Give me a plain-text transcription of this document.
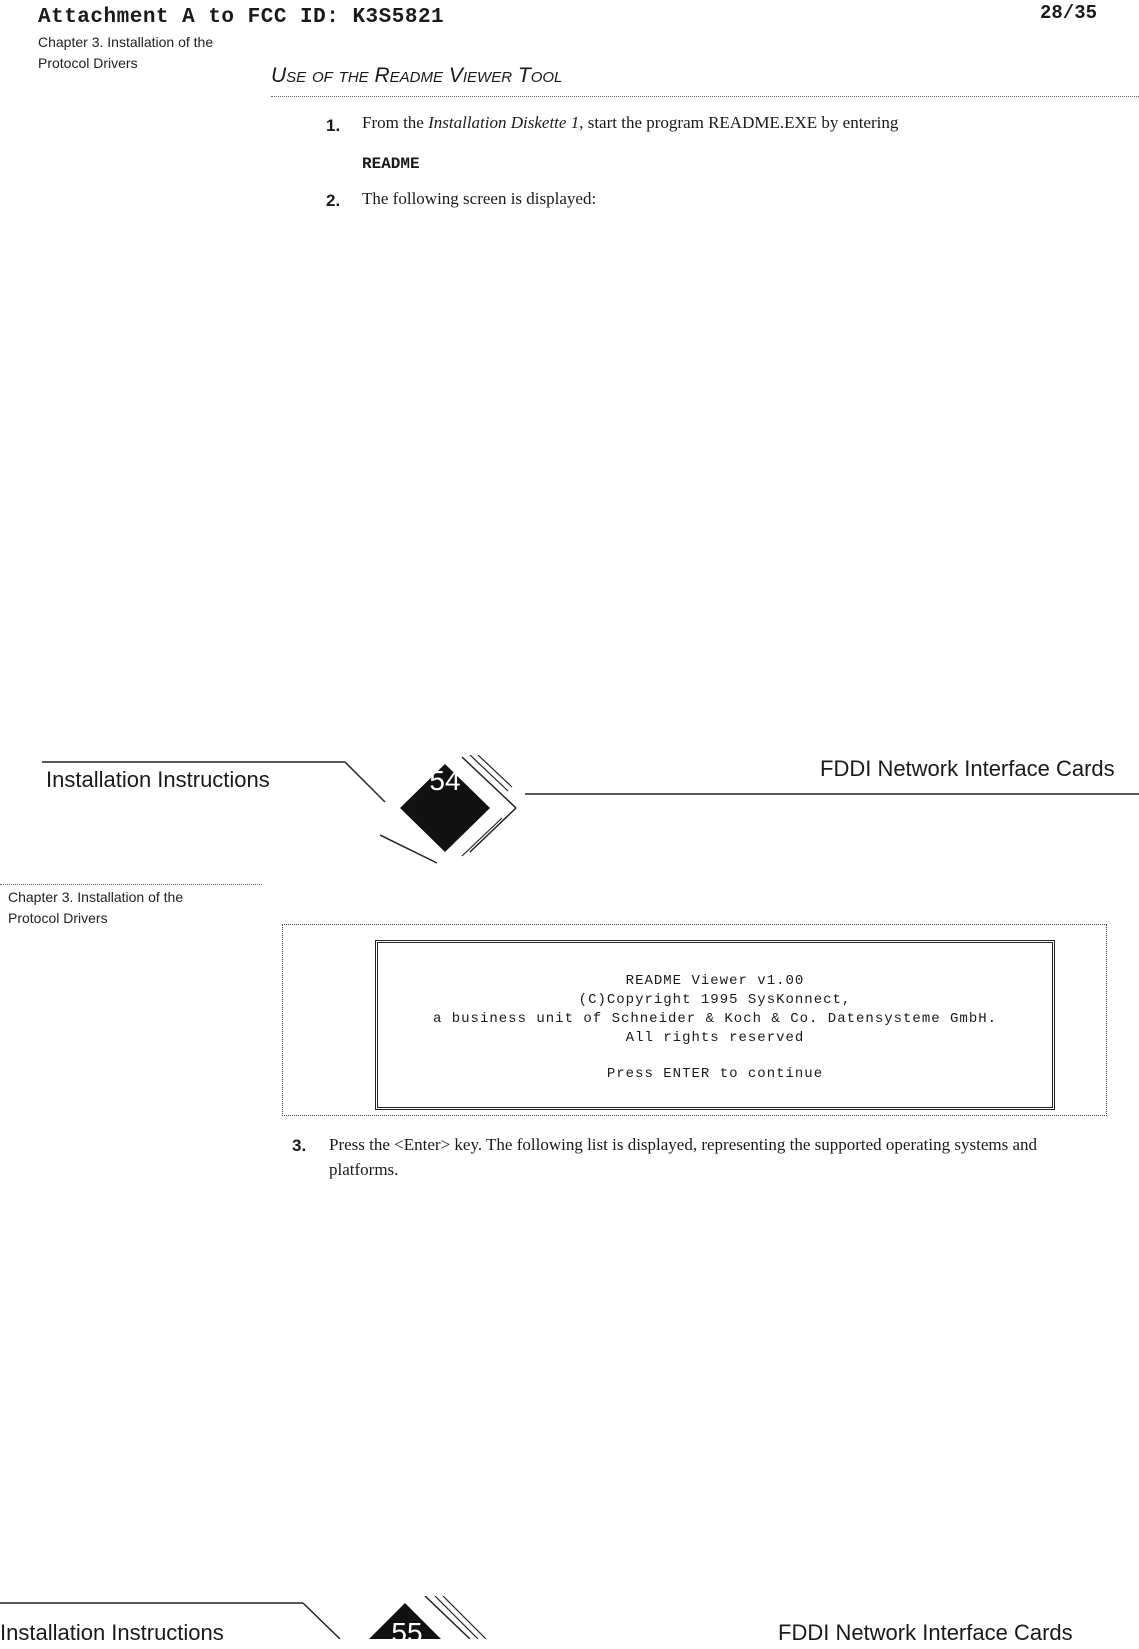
Attachment A to FCC ID: K3S5821	28/35
Chapter 3. Installation of the
Protocol Drivers
Use of the Readme Viewer Tool
1. From the Installation Diskette 1, start the program README.EXE by entering
README
2. The following screen is displayed:
54
Installation Instructions	FDDI Network Interface Cards
Chapter 3. Installation of the
Protocol Drivers
README Viewer v1.00
(C)Copyright 1995 SysKonnect,
a business unit of Schneider & Koch & Co. Datensysteme GmbH.
All rights reserved
Press ENTER to continue
3. Press the <Enter> key. The following list is displayed, representing the supported operating systems and platforms.
55
Installation Instructions	FDDI Network Interface Cards
